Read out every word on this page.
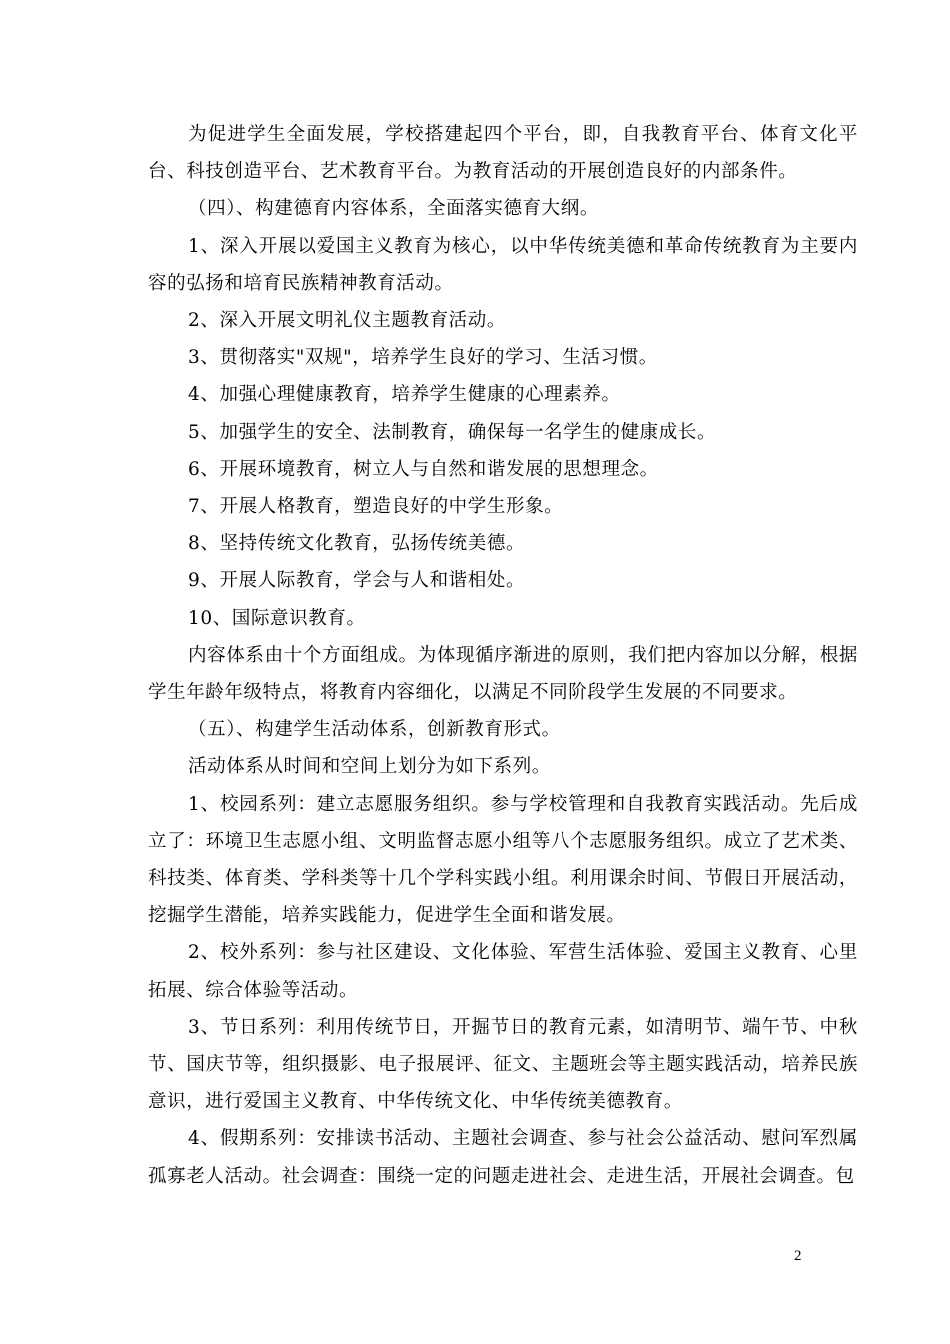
为促进学生全面发展，学校搭建起四个平台，即，自我教育平台、体育文化平台、科技创造平台、艺术教育平台。为教育活动的开展创造良好的内部条件。

（四）、构建德育内容体系，全面落实德育大纲。

1、深入开展以爱国主义教育为核心，以中华传统美德和革命传统教育为主要内容的弘扬和培育民族精神教育活动。

2、深入开展文明礼仪主题教育活动。

3、贯彻落实"双规"，培养学生良好的学习、生活习惯。

4、加强心理健康教育，培养学生健康的心理素养。

5、加强学生的安全、法制教育，确保每一名学生的健康成长。

6、开展环境教育，树立人与自然和谐发展的思想理念。

7、开展人格教育，塑造良好的中学生形象。

8、坚持传统文化教育，弘扬传统美德。

9、开展人际教育，学会与人和谐相处。

10、国际意识教育。

内容体系由十个方面组成。为体现循序渐进的原则，我们把内容加以分解，根据学生年龄年级特点，将教育内容细化，以满足不同阶段学生发展的不同要求。

（五）、构建学生活动体系，创新教育形式。

活动体系从时间和空间上划分为如下系列。

1、校园系列：建立志愿服务组织。参与学校管理和自我教育实践活动。先后成立了：环境卫生志愿小组、文明监督志愿小组等八个志愿服务组织。成立了艺术类、科技类、体育类、学科类等十几个学科实践小组。利用课余时间、节假日开展活动，挖掘学生潜能，培养实践能力，促进学生全面和谐发展。

2、校外系列：参与社区建设、文化体验、军营生活体验、爱国主义教育、心里拓展、综合体验等活动。

3、节日系列：利用传统节日，开掘节日的教育元素，如清明节、端午节、中秋节、国庆节等，组织摄影、电子报展评、征文、主题班会等主题实践活动，培养民族意识，进行爱国主义教育、中华传统文化、中华传统美德教育。

4、假期系列：安排读书活动、主题社会调查、参与社会公益活动、慰问军烈属孤寡老人活动。社会调查：围绕一定的问题走进社会、走进生活，开展社会调查。包

2
